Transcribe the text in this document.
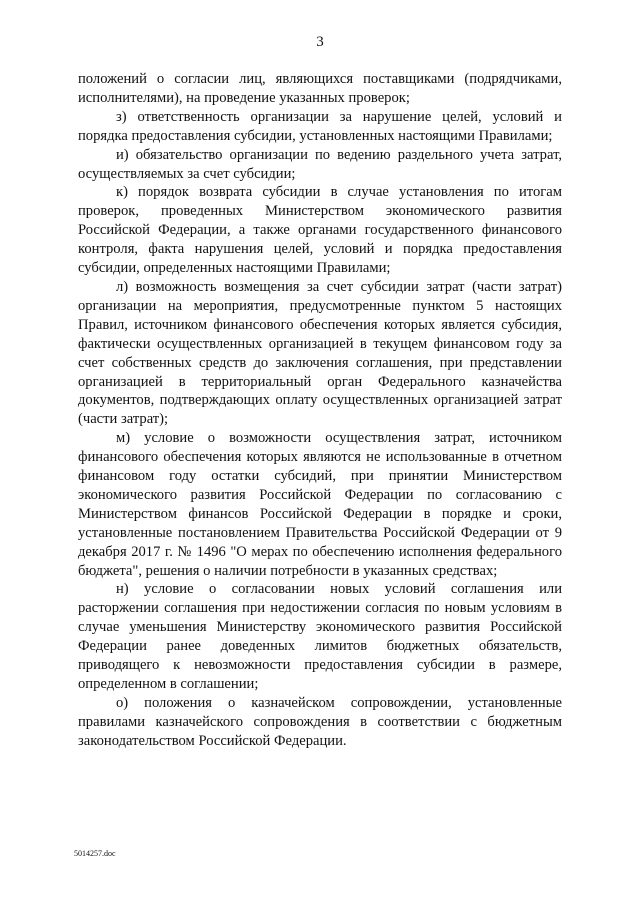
3

положений о согласии лиц, являющихся поставщиками (подрядчиками, исполнителями), на проведение указанных проверок;

з) ответственность организации за нарушение целей, условий и порядка предоставления субсидии, установленных настоящими Правилами;

и) обязательство организации по ведению раздельного учета затрат, осуществляемых за счет субсидии;

к) порядок возврата субсидии в случае установления по итогам проверок, проведенных Министерством экономического развития Российской Федерации, а также органами государственного финансового контроля, факта нарушения целей, условий и порядка предоставления субсидии, определенных настоящими Правилами;

л) возможность возмещения за счет субсидии затрат (части затрат) организации на мероприятия, предусмотренные пунктом 5 настоящих Правил, источником финансового обеспечения которых является субсидия, фактически осуществленных организацией в текущем финансовом году за счет собственных средств до заключения соглашения, при представлении организацией в территориальный орган Федерального казначейства документов, подтверждающих оплату осуществленных организацией затрат (части затрат);

м) условие о возможности осуществления затрат, источником финансового обеспечения которых являются не использованные в отчетном финансовом году остатки субсидий, при принятии Министерством экономического развития Российской Федерации по согласованию с Министерством финансов Российской Федерации в порядке и сроки, установленные постановлением Правительства Российской Федерации от 9 декабря 2017 г. № 1496 "О мерах по обеспечению исполнения федерального бюджета", решения о наличии потребности в указанных средствах;

н) условие о согласовании новых условий соглашения или расторжении соглашения при недостижении согласия по новым условиям в случае уменьшения Министерству экономического развития Российской Федерации ранее доведенных лимитов бюджетных обязательств, приводящего к невозможности предоставления субсидии в размере, определенном в соглашении;

о) положения о казначейском сопровождении, установленные правилами казначейского сопровождения в соответствии с бюджетным законодательством Российской Федерации.

5014257.doc
